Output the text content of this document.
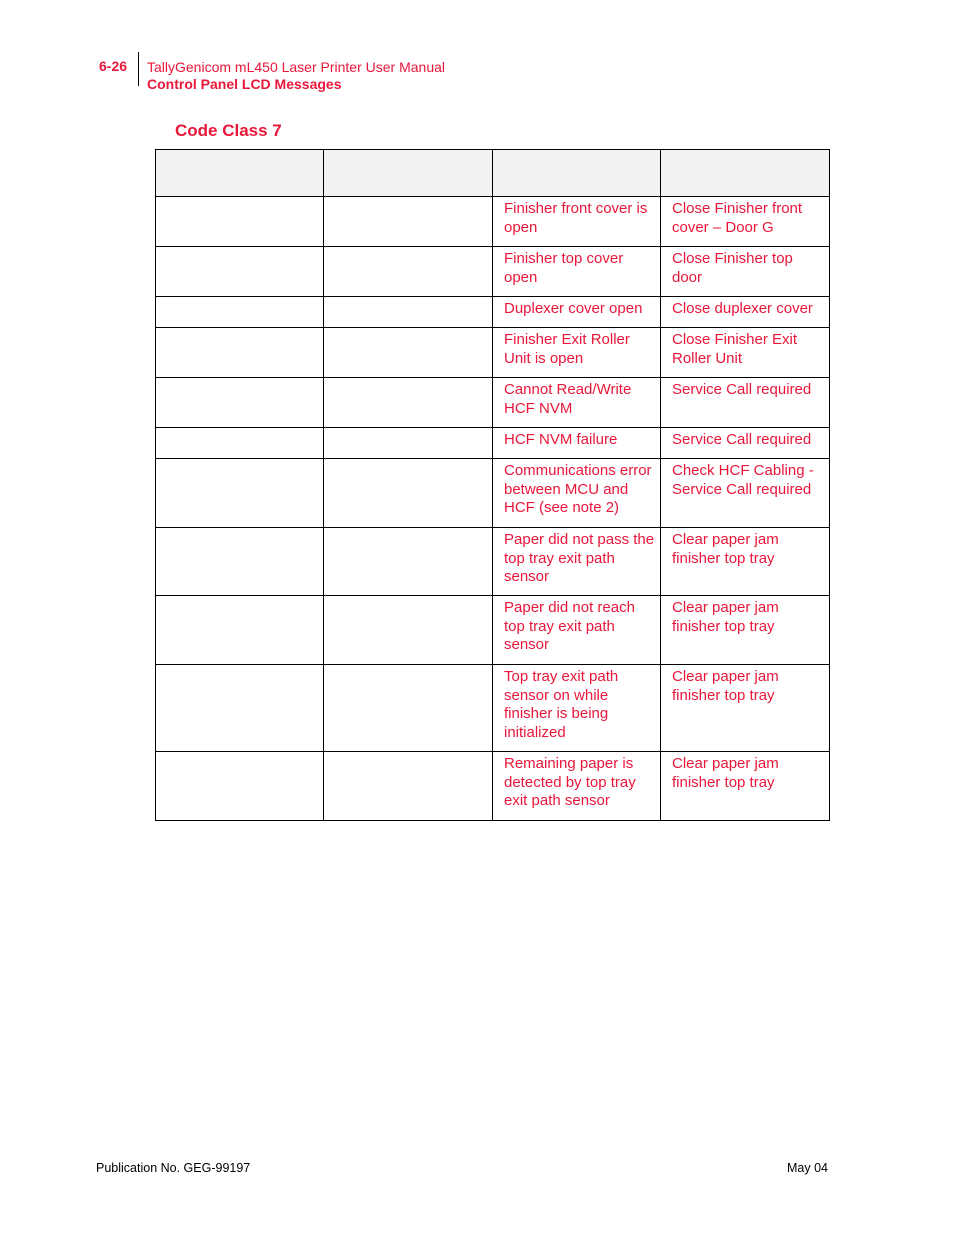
6-26 TallyGenicom mL450 Laser Printer User Manual
Control Panel LCD Messages
Code Class 7

		Finisher front cover is open	Close Finisher front cover – Door G
		Finisher top cover open	Close Finisher top door
		Duplexer cover open	Close duplexer cover
		Finisher Exit Roller Unit is open	Close Finisher Exit Roller Unit
		Cannot Read/Write HCF NVM	Service Call required
		HCF NVM failure	Service Call required
		Communications error between MCU and HCF (see note 2)	Check HCF Cabling - Service Call required
		Paper did not pass the top tray exit path sensor	Clear paper jam finisher top tray
		Paper did not reach top tray exit path sensor	Clear paper jam finisher top tray
		Top tray exit path sensor on while finisher is being initialized	Clear paper jam finisher top tray
		Remaining paper is detected by top tray exit path sensor	Clear paper jam finisher top tray
Publication No. GEG-99197	May 04
